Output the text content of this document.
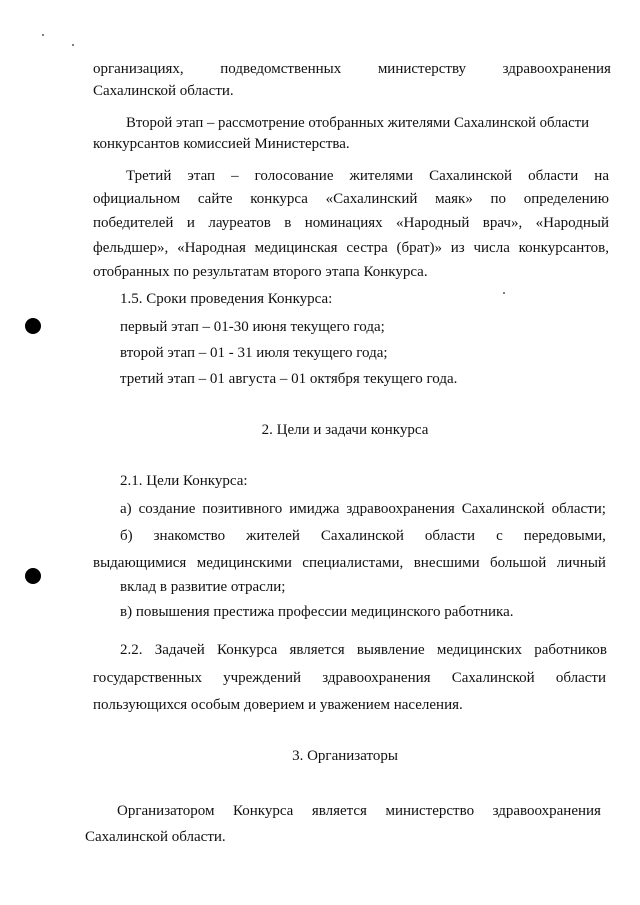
организациях, подведомственных министерству здравоохранения
Сахалинской области.
Второй этап – рассмотрение отобранных жителями Сахалинской области
конкурсантов комиссией Министерства.
Третий этап – голосование жителями Сахалинской области на
официальном сайте конкурса «Сахалинский маяк» по определению
победителей и лауреатов в номинациях «Народный врач», «Народный
фельдшер», «Народная медицинская сестра (брат)» из числа конкурсантов,
отобранных по результатам второго этапа Конкурса.
1.5. Сроки проведения Конкурса:
первый этап – 01-30 июня текущего года;
второй этап – 01 - 31 июля текущего года;
третий этап – 01 августа – 01 октября текущего года.
2. Цели и задачи конкурса
2.1. Цели Конкурса:
а) создание позитивного имиджа здравоохранения Сахалинской области;
б) знакомство жителей Сахалинской области с передовыми,
выдающимися медицинскими специалистами, внесшими большой личный
вклад в развитие отрасли;
в) повышения престижа профессии медицинского работника.
2.2. Задачей Конкурса является выявление медицинских работников
государственных учреждений здравоохранения Сахалинской области
пользующихся особым доверием и уважением населения.
3. Организаторы
Организатором Конкурса является министерство здравоохранения
Сахалинской области.
